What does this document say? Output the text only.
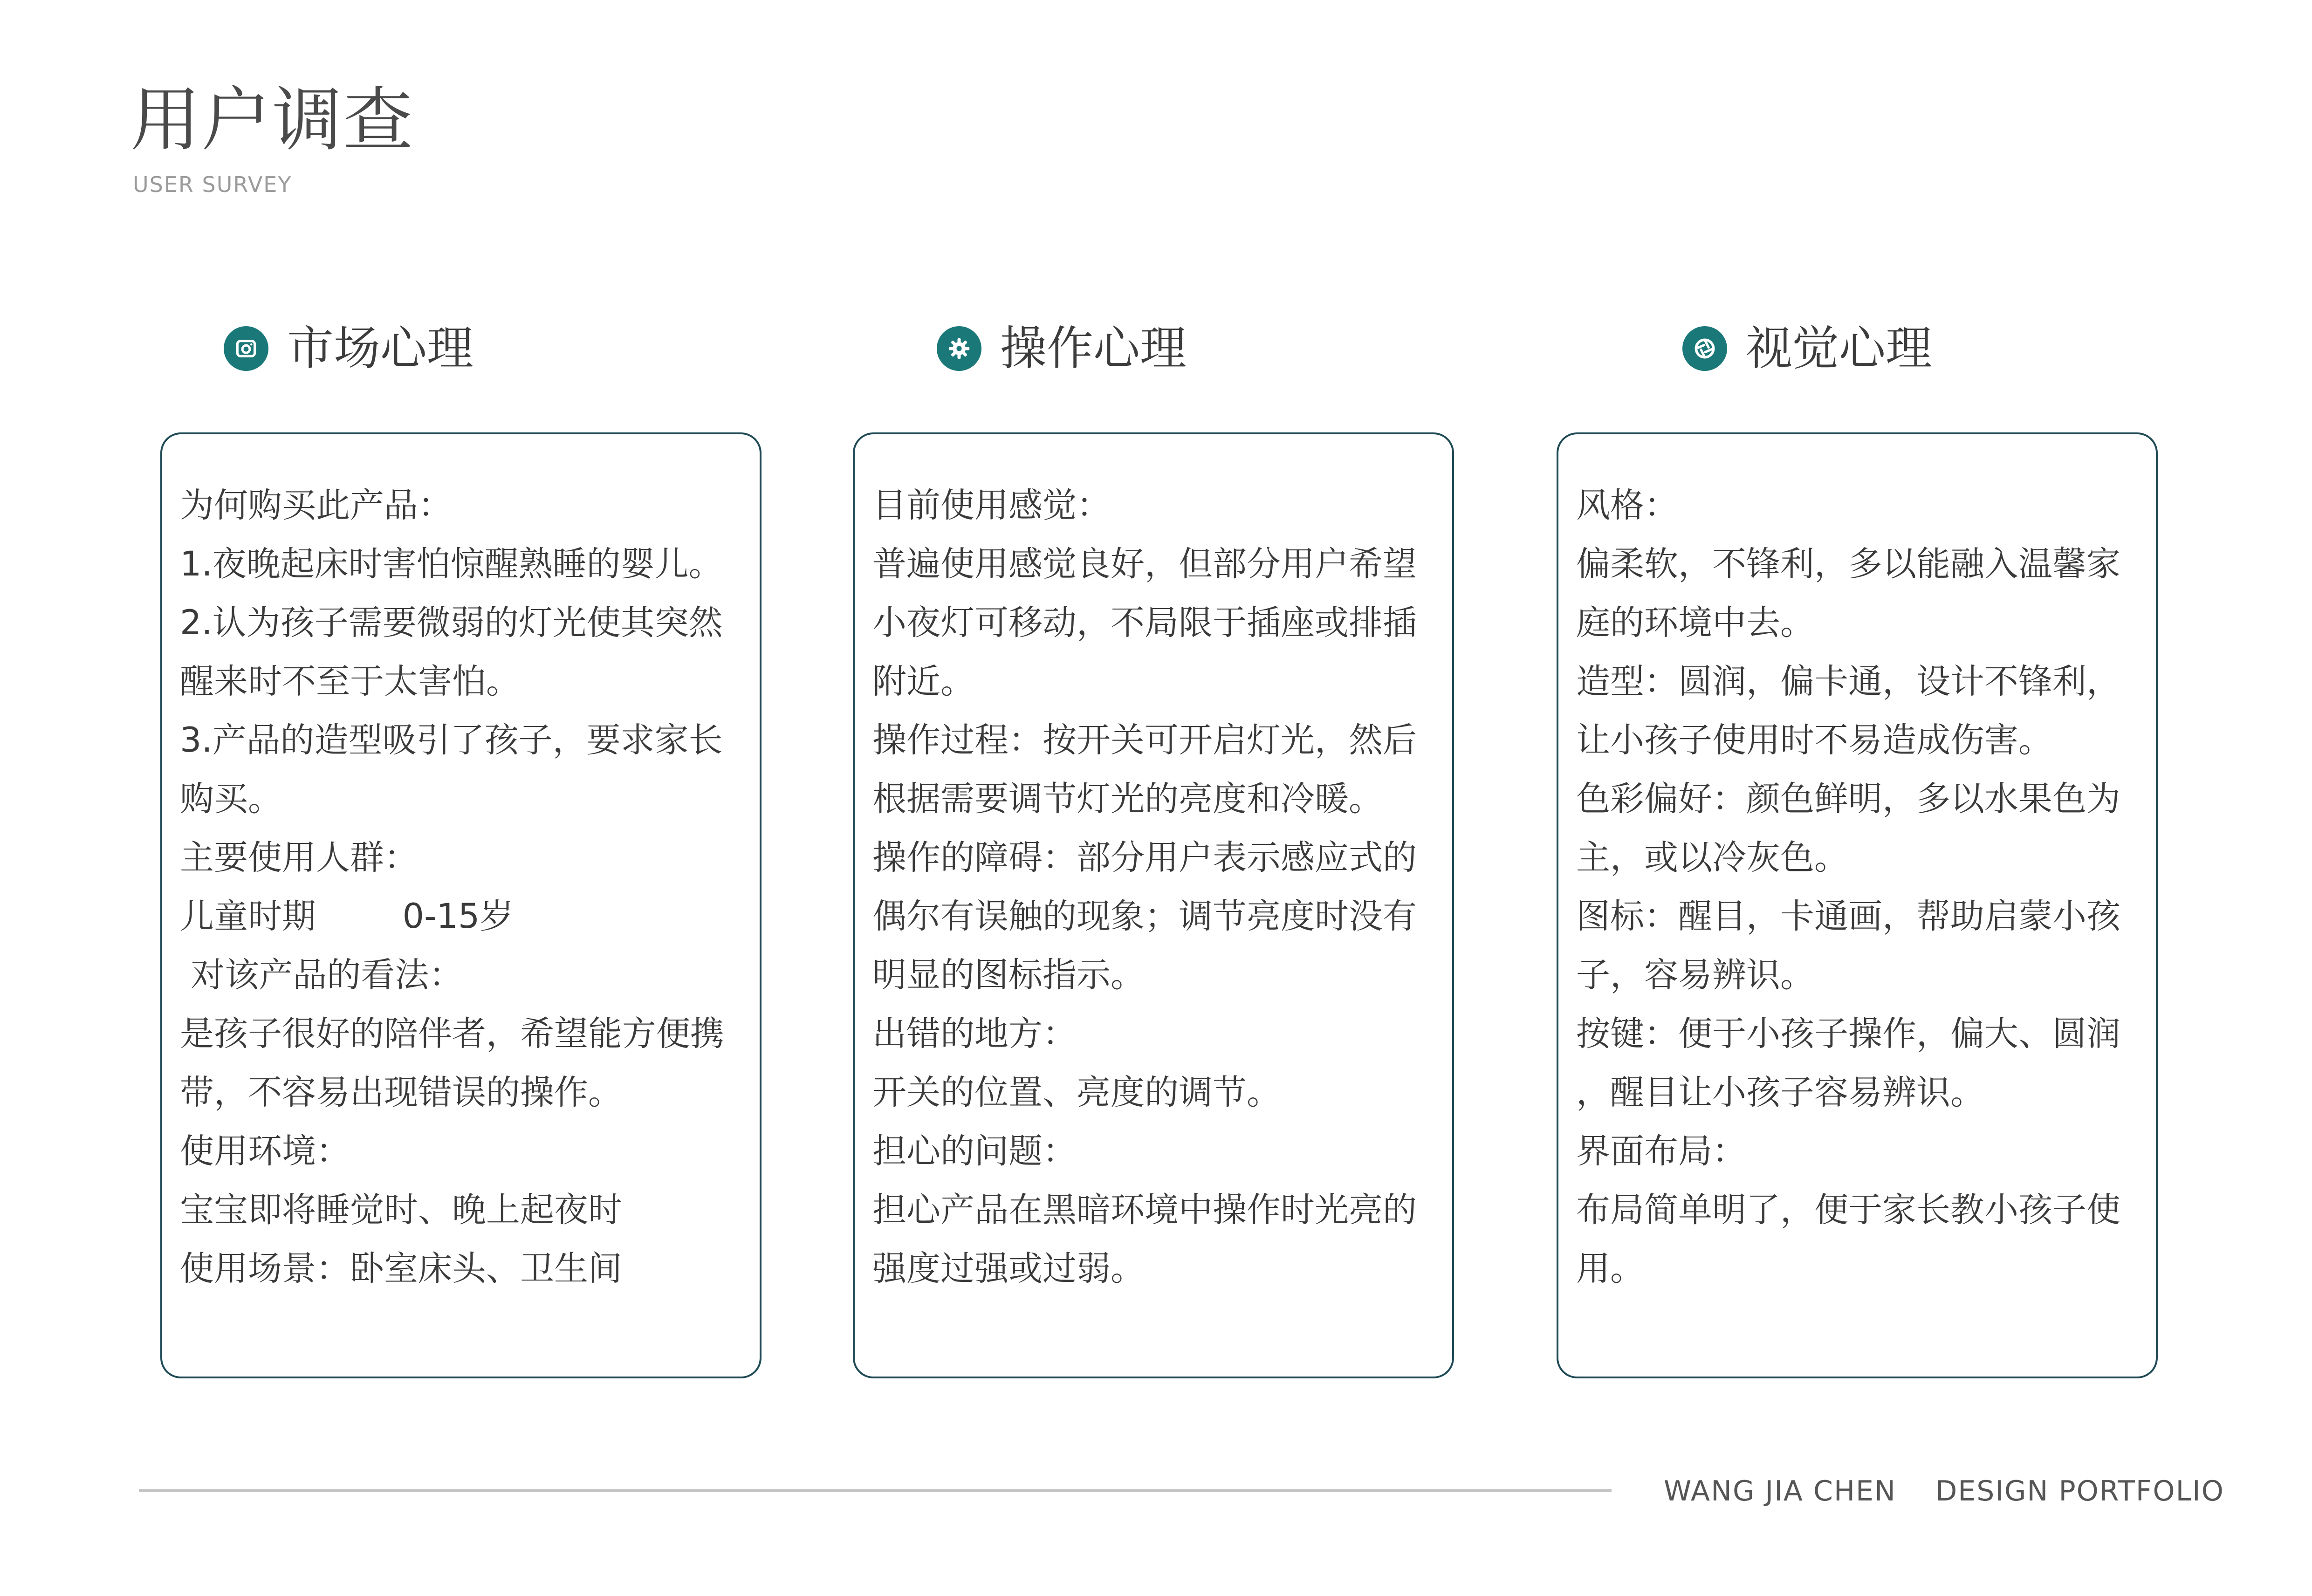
用户调查
USER SURVEY
市场心理	操作心理	视觉心理
为何购买此产品：
1.夜晚起床时害怕惊醒熟睡的婴儿。
2.认为孩子需要微弱的灯光使其突然
醒来时不至于太害怕。
3.产品的造型吸引了孩子，要求家长
购买。
主要使用人群：
儿童时期        0-15岁
对该产品的看法：
是孩子很好的陪伴者，希望能方便携
带，不容易出现错误的操作。
使用环境：
宝宝即将睡觉时、晚上起夜时
使用场景：卧室床头、卫生间
目前使用感觉：
普遍使用感觉良好，但部分用户希望
小夜灯可移动，不局限于插座或排插
附近。
操作过程：按开关可开启灯光，然后
根据需要调节灯光的亮度和冷暖。
操作的障碍：部分用户表示感应式的
偶尔有误触的现象；调节亮度时没有
明显的图标指示。
出错的地方：
开关的位置、亮度的调节。
担心的问题：
担心产品在黑暗环境中操作时光亮的
强度过强或过弱。
风格：
偏柔软，不锋利，多以能融入温馨家
庭的环境中去。
造型：圆润，偏卡通，设计不锋利，
让小孩子使用时不易造成伤害。
色彩偏好：颜色鲜明，多以水果色为
主，或以冷灰色。
图标：醒目，卡通画，帮助启蒙小孩
子，容易辨识。
按键：便于小孩子操作，偏大、圆润
，醒目让小孩子容易辨识。
界面布局：
布局简单明了，便于家长教小孩子使
用。
WANG JIA CHEN    DESIGN PORTFOLIO
